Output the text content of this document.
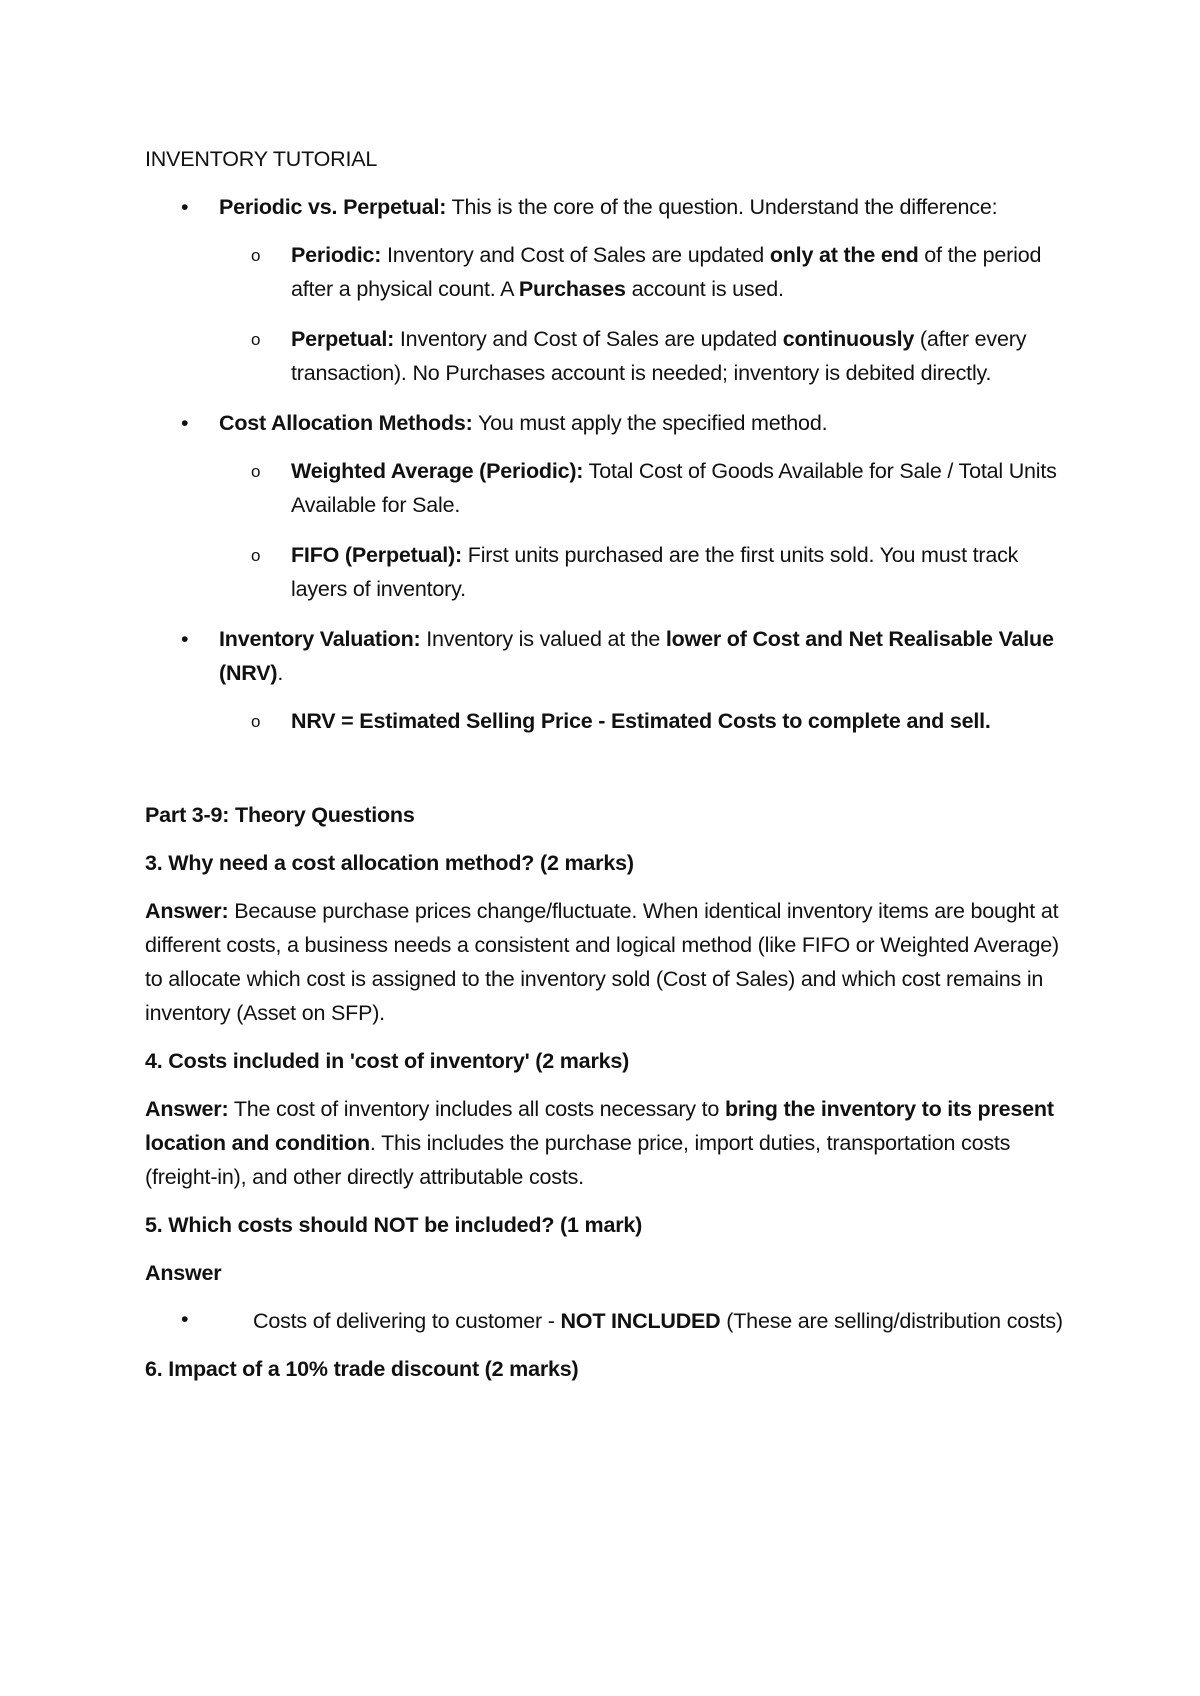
INVENTORY TUTORIAL

• Periodic vs. Perpetual: This is the core of the question. Understand the difference:
o Periodic: Inventory and Cost of Sales are updated only at the end of the period after a physical count. A Purchases account is used.
o Perpetual: Inventory and Cost of Sales are updated continuously (after every transaction). No Purchases account is needed; inventory is debited directly.
• Cost Allocation Methods: You must apply the specified method.
o Weighted Average (Periodic): Total Cost of Goods Available for Sale / Total Units Available for Sale.
o FIFO (Perpetual): First units purchased are the first units sold. You must track layers of inventory.
• Inventory Valuation: Inventory is valued at the lower of Cost and Net Realisable Value (NRV).
o NRV = Estimated Selling Price - Estimated Costs to complete and sell.

Part 3-9: Theory Questions

3. Why need a cost allocation method? (2 marks)

Answer: Because purchase prices change/fluctuate. When identical inventory items are bought at different costs, a business needs a consistent and logical method (like FIFO or Weighted Average) to allocate which cost is assigned to the inventory sold (Cost of Sales) and which cost remains in inventory (Asset on SFP).

4. Costs included in 'cost of inventory' (2 marks)

Answer: The cost of inventory includes all costs necessary to bring the inventory to its present location and condition. This includes the purchase price, import duties, transportation costs (freight-in), and other directly attributable costs.

5. Which costs should NOT be included? (1 mark)

Answer

•	Costs of delivering to customer - NOT INCLUDED (These are selling/distribution costs)

6. Impact of a 10% trade discount (2 marks)
